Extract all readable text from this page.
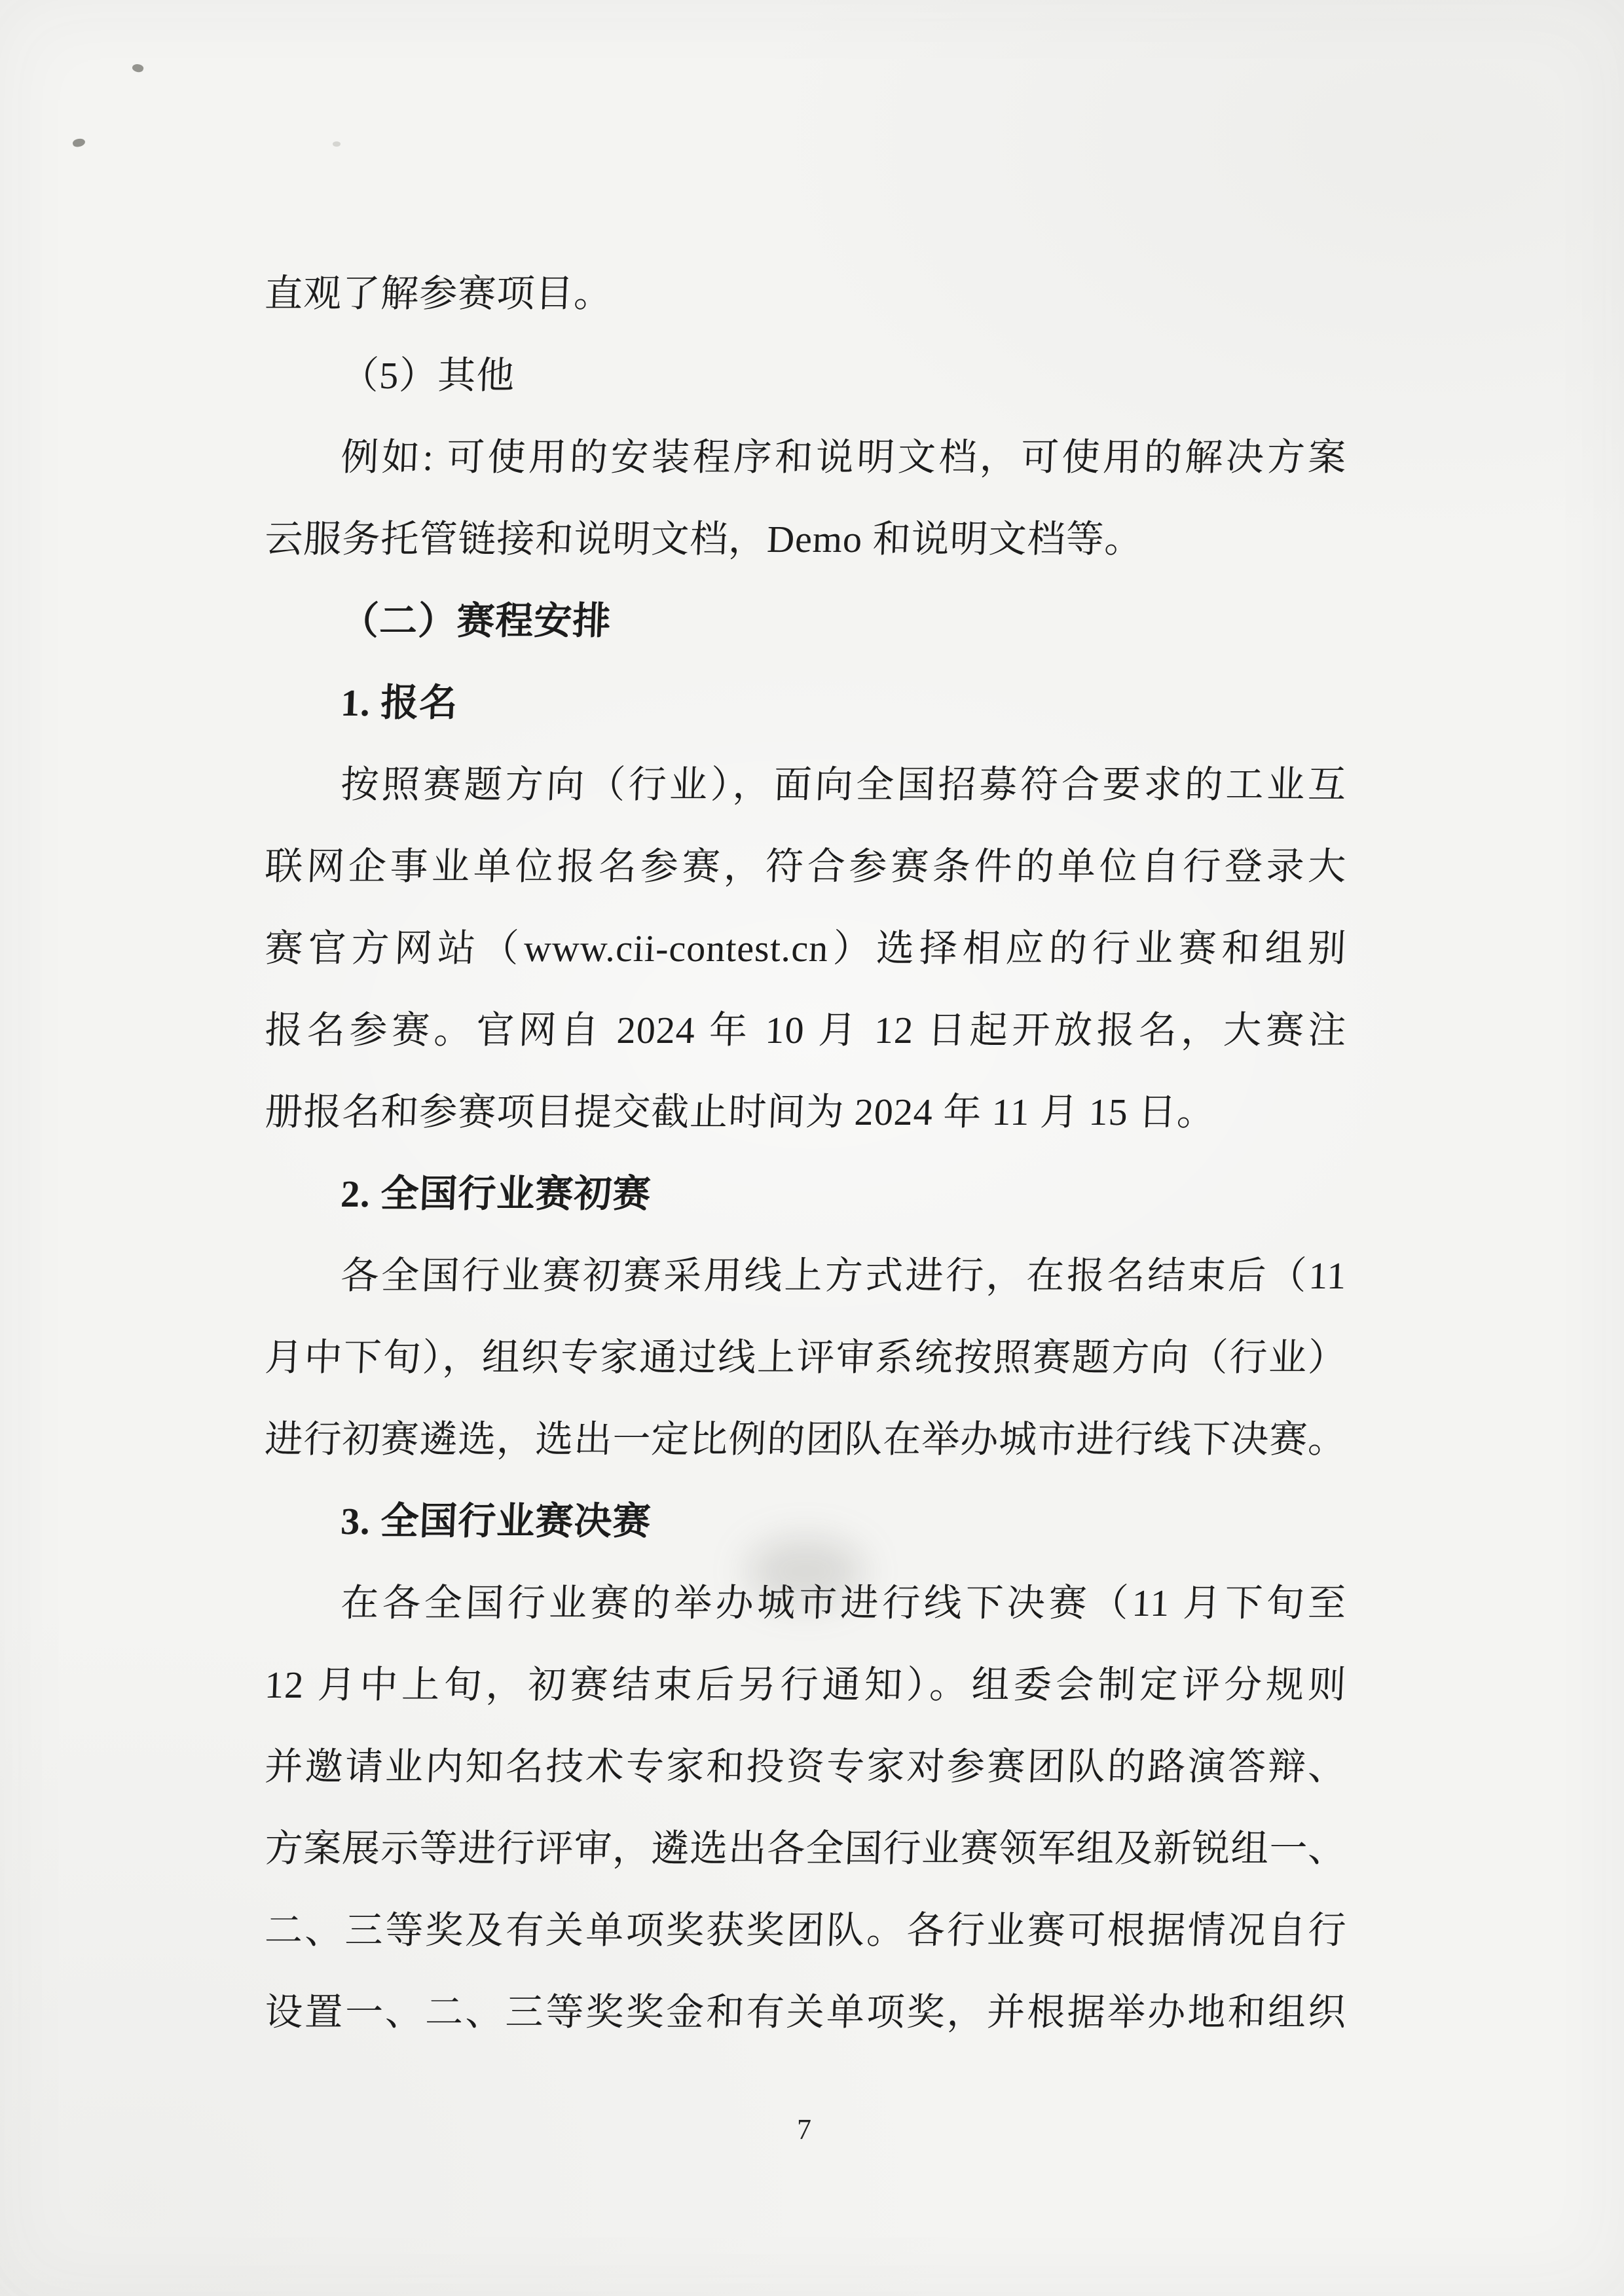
直观了解参赛项目。
（5）其他
例如: 可使用的安装程序和说明文档，可使用的解决方案
云服务托管链接和说明文档，Demo 和说明文档等。
（二）赛程安排
1. 报名
按照赛题方向（行业），面向全国招募符合要求的工业互
联网企事业单位报名参赛，符合参赛条件的单位自行登录大
赛官方网站（www.cii-contest.cn）选择相应的行业赛和组别
报名参赛。官网自 2024 年 10 月 12 日起开放报名，大赛注
册报名和参赛项目提交截止时间为 2024 年 11 月 15 日。
2. 全国行业赛初赛
各全国行业赛初赛采用线上方式进行，在报名结束后（11
月中下旬），组织专家通过线上评审系统按照赛题方向（行业）
进行初赛遴选，选出一定比例的团队在举办城市进行线下决赛。
3. 全国行业赛决赛
在各全国行业赛的举办城市进行线下决赛（11 月下旬至
12 月中上旬，初赛结束后另行通知）。组委会制定评分规则
并邀请业内知名技术专家和投资专家对参赛团队的路演答辩、
方案展示等进行评审，遴选出各全国行业赛领军组及新锐组一、
二、三等奖及有关单项奖获奖团队。各行业赛可根据情况自行
设置一、二、三等奖奖金和有关单项奖，并根据举办地和组织
7
